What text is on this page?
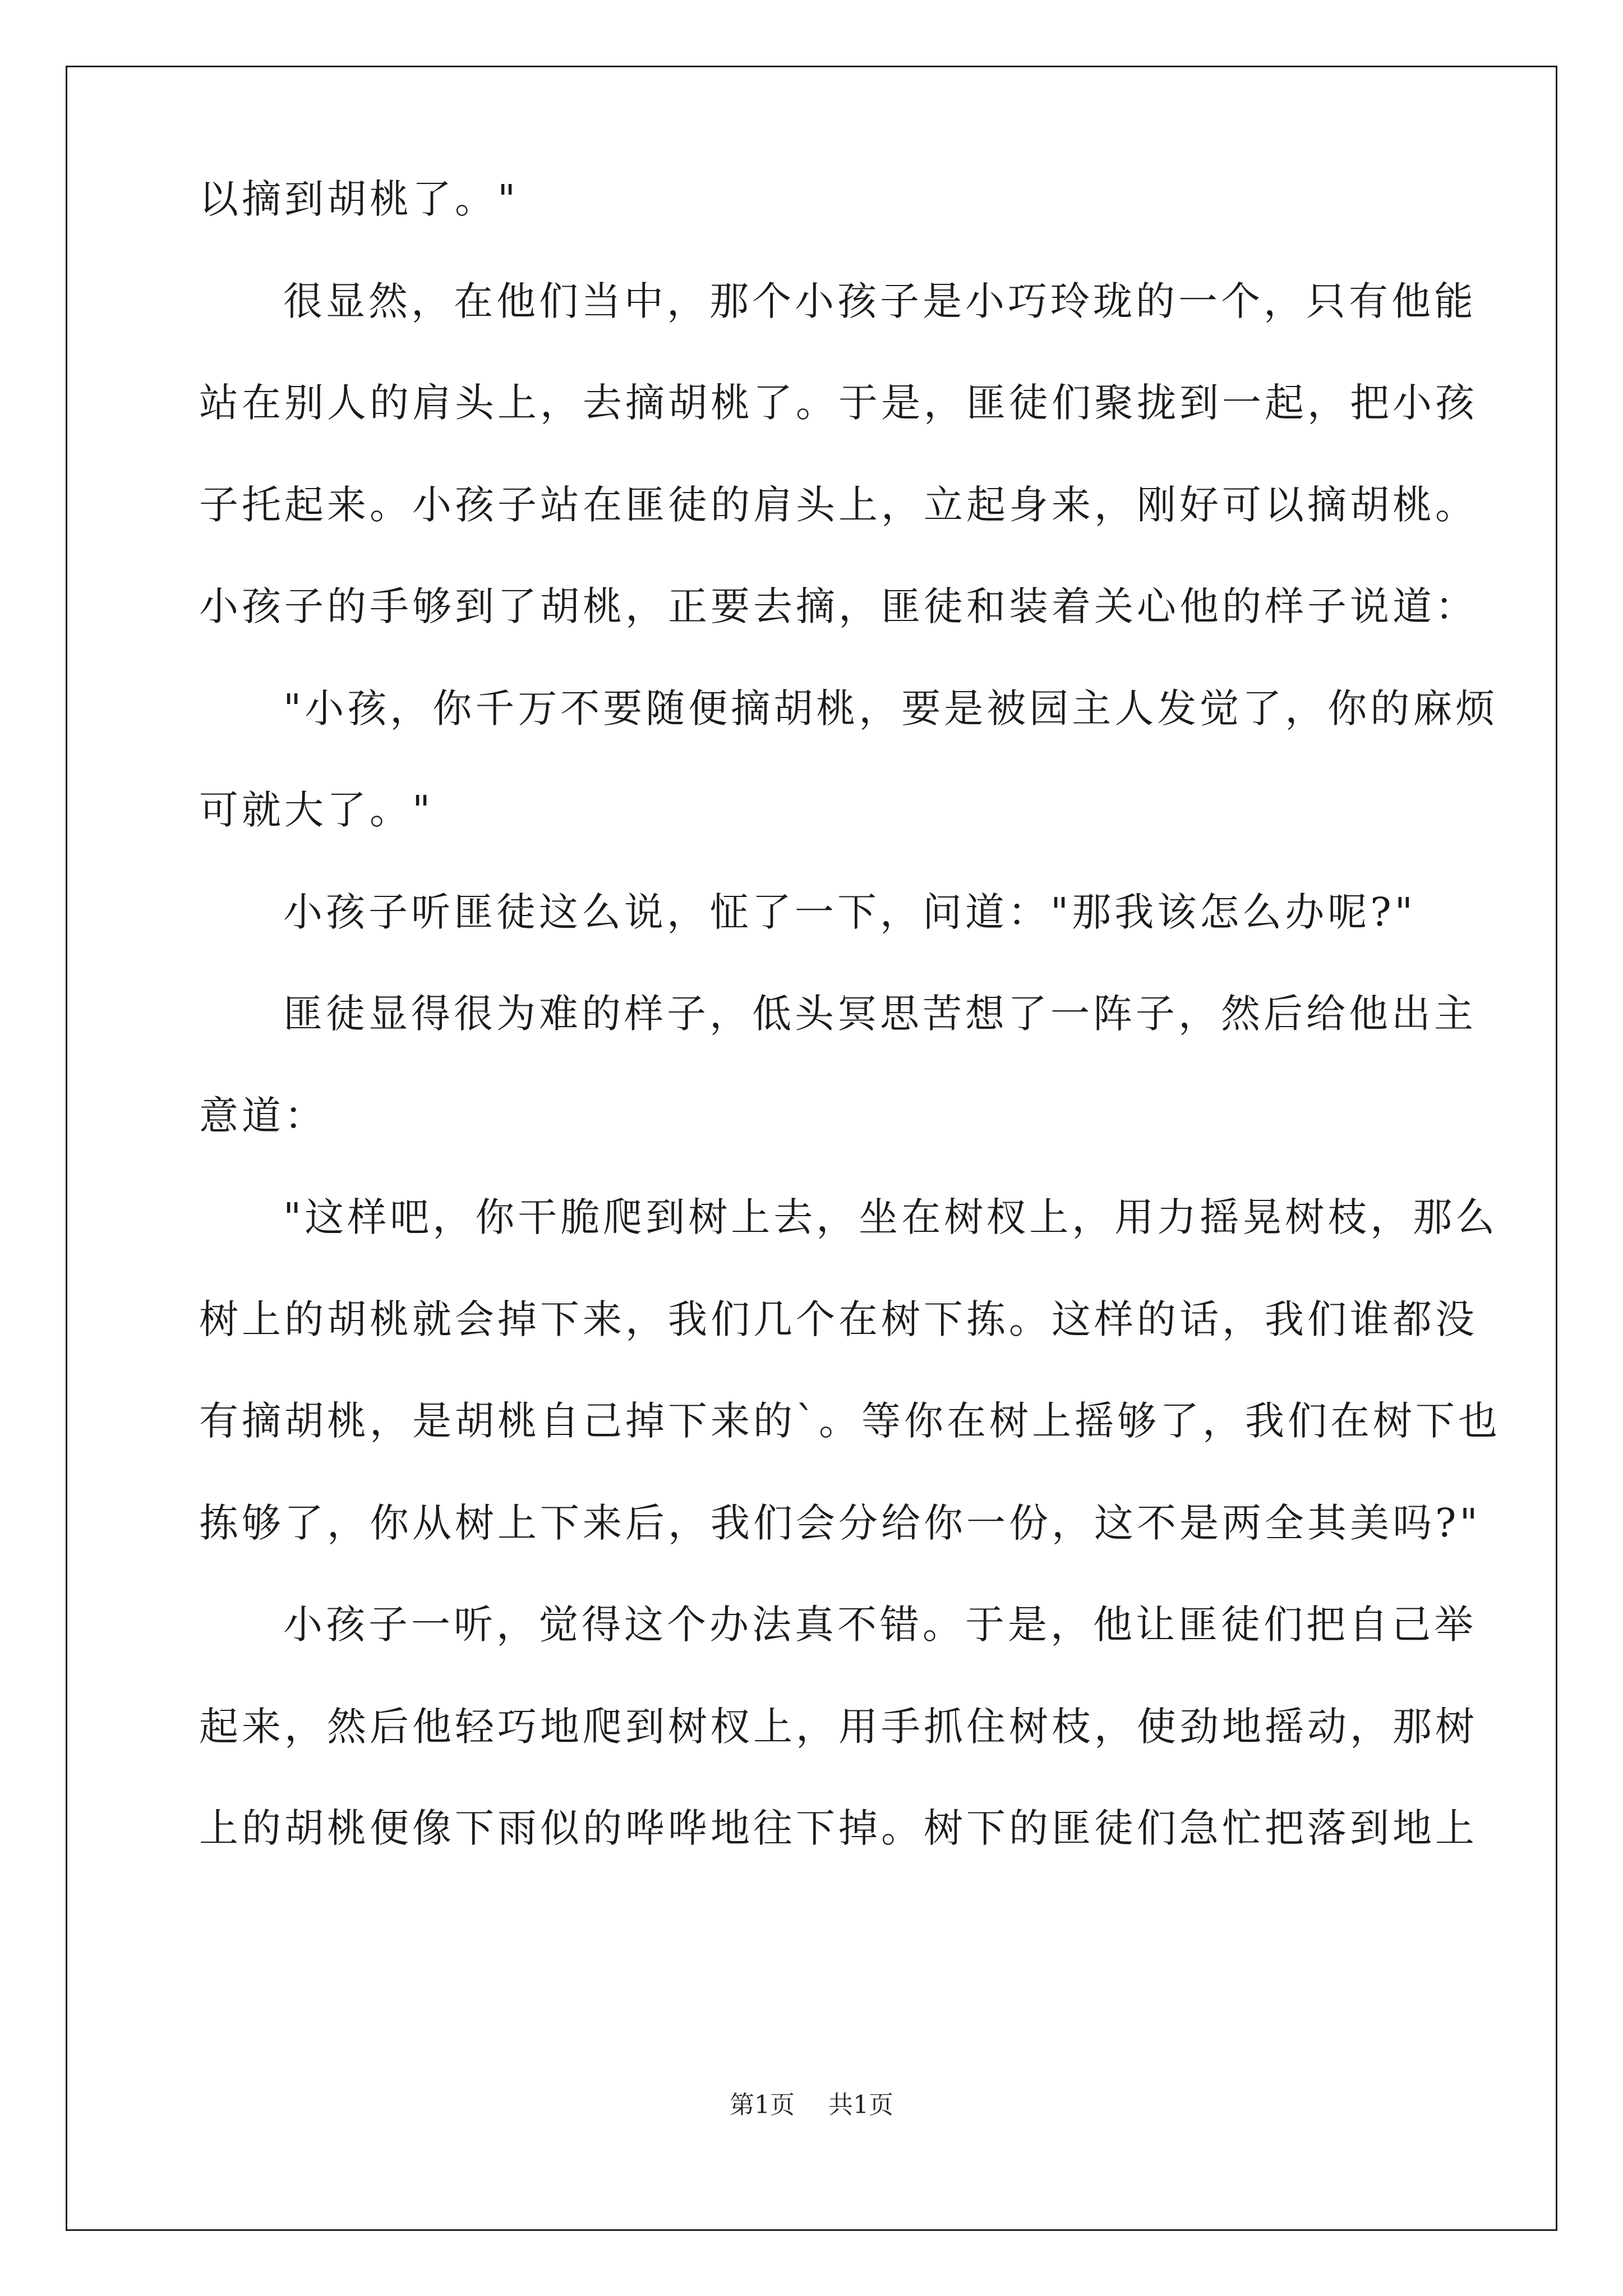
以摘到胡桃了。"
很显然，在他们当中，那个小孩子是小巧玲珑的一个，只有他能
站在别人的肩头上，去摘胡桃了。于是，匪徒们聚拢到一起，把小孩
子托起来。小孩子站在匪徒的肩头上，立起身来，刚好可以摘胡桃。
小孩子的手够到了胡桃，正要去摘，匪徒和装着关心他的样子说道：
"小孩，你千万不要随便摘胡桃，要是被园主人发觉了，你的麻烦
可就大了。"
小孩子听匪徒这么说，怔了一下，问道："那我该怎么办呢?"
匪徒显得很为难的样子，低头冥思苦想了一阵子，然后给他出主
意道：
"这样吧，你干脆爬到树上去，坐在树杈上，用力摇晃树枝，那么
树上的胡桃就会掉下来，我们几个在树下拣。这样的话，我们谁都没
有摘胡桃，是胡桃自己掉下来的`。等你在树上摇够了，我们在树下也
拣够了，你从树上下来后，我们会分给你一份，这不是两全其美吗?"
小孩子一听，觉得这个办法真不错。于是，他让匪徒们把自己举
起来，然后他轻巧地爬到树杈上，用手抓住树枝，使劲地摇动，那树
上的胡桃便像下雨似的哗哗地往下掉。树下的匪徒们急忙把落到地上
第1页 共1页
